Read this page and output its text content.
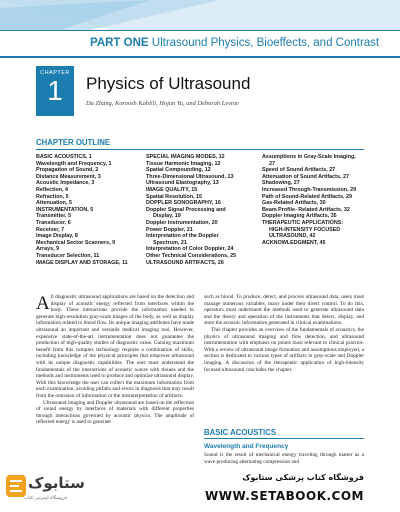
PART ONE Ultrasound Physics, Bioeffects, and Contrast
CHAPTER
1	Physics of Ultrasound
Da Zhang, Koroosh Kahlili, Hojun Yu, and Deborah Levine
CHAPTER OUTLINE
BASIC ACOUSTICS, 1
Wavelength and Frequency, 1
Propagation of Sound, 2
Distance Measurement, 3
Acoustic Impedance, 3
Reflection, 4
Refraction, 5
Attenuation, 5
INSTRUMENTATION, 5
Transmitter, 5
Transducer, 6
Receiver, 7
Image Display, 8
Mechanical Sector Scanners, 9
Arrays, 9
Transducer Selection, 11
IMAGE DISPLAY AND STORAGE, 11
SPECIAL IMAGING MODES, 12
Tissue Harmonic Imaging, 12
Spatial Compounding, 12
Three-Dimensional Ultrasound, 13
Ultrasound Elastography, 13
IMAGE QUALITY, 15
Spatial Resolution, 15
DOPPLER SONOGRAPHY, 16
Doppler Signal Processing and
Display, 19
Doppler Instrumentation, 20
Power Doppler, 21
Interpretation of the Doppler
Spectrum, 21
Interpretation of Color Doppler, 24
Other Technical Considerations, 25
ULTRASOUND ARTIFACTS, 26
Assumptions in Gray-Scale Imaging,
27
Speed of Sound Artifacts, 27
Attenuation of Sound Artifacts, 27
Shadowing, 27
Increased Through-Transmission, 29
Path of Sound-Related Artifacts, 29
Gas-Related Artifacts, 30
Beam Profile- Related Artifacts, 32
Doppler Imaging Artifacts, 35
THERAPEUTIC APPLICATIONS:
HIGH-INTENSITY FOCUSED
ULTRASOUND, 42
ACKNOWLEDGMENT, 45

All diagnostic ultrasound applications are based on the detection and display of acoustic energy reflected from interfaces within the body. These interactions provide the information needed to generate high-resolution gray-scale images of the body, as well as display information related to blood flow. Its unique imaging attributes have made ultrasound an important and versatile medical imaging tool. However, expensive state-of-the-art instrumentation does not guarantee the production of high-quality studies of diagnostic value. Gaining maximum benefit from this complex technology requires a combination of skills, including knowledge of the physical principles that empower ultrasound with its unique diagnostic capabilities. The user must understand the fundamentals of the interactions of acoustic waves with tissues and the methods and instruments used to produce and optimize ultrasound display. With this knowledge the user can collect the maximum information from each examination, avoiding pitfalls and errors in diagnosis that may result from the omission of information or the misinterpretation of artifacts.

Ultrasound imaging and Doppler ultrasound are based on the reflection of sound energy by interfaces of materials with different properties through interactions governed by acoustic physics. The amplitude of reflected energy is used to generate

such as blood. To produce, detect, and process ultrasound data, users must manage numerous variables, many under their direct control. To do this, operators must understand the methods used to generate ultrasound data and the theory and operation of the instruments that detect, display, and store the acoustic information generated in clinical examinations.

This chapter provides an overview of the fundamentals of acoustics, the physics of ultrasound imaging and flow detection, and ultrasound instrumentation with emphasis on points most relevant to clinical practice. With a review of ultrasound image formation and assumptions employed, a section is dedicated to various types of artifacts in gray-scale and Doppler imaging. A discussion of the therapeutic application of high-intensity focused ultrasound concludes the chapter.

BASIC ACOUSTICS
Wavelength and Frequency

Sound is the result of mechanical energy traveling through matter as a wave producing alternating compression and

ستابوک
فروشگاه اینترنتی کتاب
فروشگاه کتاب پزشکی ستابوک
WWW.SETABOOK.COM
